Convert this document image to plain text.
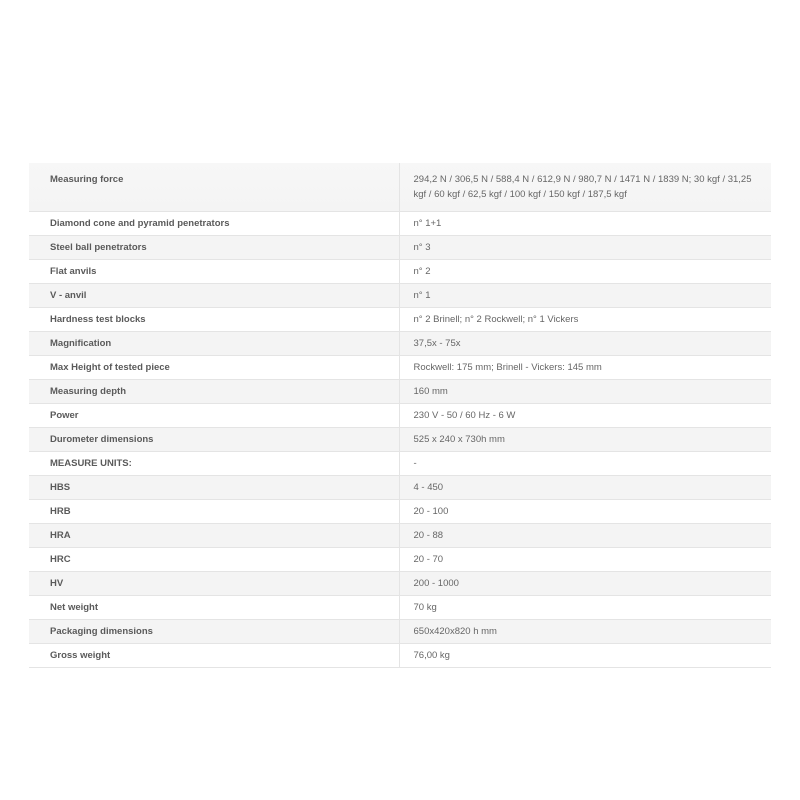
Measuring force	294,2 N / 306,5 N / 588,4 N / 612,9 N / 980,7 N / 1471 N / 1839 N; 30 kgf / 31,25 kgf / 60 kgf / 62,5 kgf / 100 kgf / 150 kgf / 187,5 kgf
Diamond cone and pyramid penetrators	n° 1+1
Steel ball penetrators	n° 3
Flat anvils	n° 2
V - anvil	n° 1
Hardness test blocks	n° 2 Brinell; n° 2 Rockwell; n° 1 Vickers
Magnification	37,5x - 75x
Max Height of tested piece	Rockwell: 175 mm; Brinell - Vickers: 145 mm
Measuring depth	160 mm
Power	230 V - 50 / 60 Hz - 6 W
Durometer dimensions	525 x 240 x 730h mm
MEASURE UNITS:	-
HBS	4 - 450
HRB	20 - 100
HRA	20 - 88
HRC	20 - 70
HV	200 - 1000
Net weight	70 kg
Packaging dimensions	650x420x820 h mm
Gross weight	76,00 kg
